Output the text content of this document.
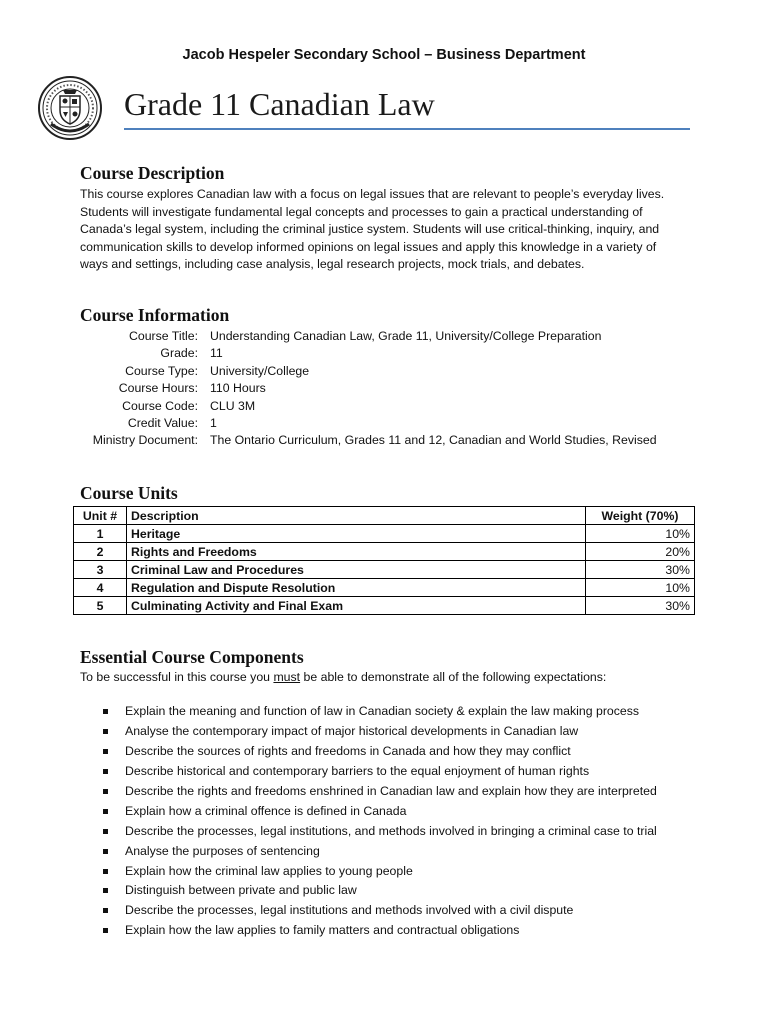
Jacob Hespeler Secondary School – Business Department
Grade 11 Canadian Law
Course Description

This course explores Canadian law with a focus on legal issues that are relevant to people’s everyday lives. Students will investigate fundamental legal concepts and processes to gain a practical understanding of Canada’s legal system, including the criminal justice system. Students will use critical-thinking, inquiry, and communication skills to develop informed opinions on legal issues and apply this knowledge in a variety of ways and settings, including case analysis, legal research projects, mock trials, and debates.

Course Information
Course Title: Understanding Canadian Law, Grade 11, University/College Preparation
Grade: 11
Course Type: University/College
Course Hours: 110 Hours
Course Code: CLU 3M
Credit Value: 1
Ministry Document: The Ontario Curriculum, Grades 11 and 12, Canadian and World Studies, Revised
Course Units
Unit #	Description	Weight (70%)
1	Heritage	10%
2	Rights and Freedoms	20%
3	Criminal Law and Procedures	30%
4	Regulation and Dispute Resolution	10%
5	Culminating Activity and Final Exam	30%
Essential Course Components
To be successful in this course you must be able to demonstrate all of the following expectations:
Explain the meaning and function of law in Canadian society & explain the law making process
Analyse the contemporary impact of major historical developments in Canadian law
Describe the sources of rights and freedoms in Canada and how they may conflict
Describe historical and contemporary barriers to the equal enjoyment of human rights
Describe the rights and freedoms enshrined in Canadian law and explain how they are interpreted
Explain how a criminal offence is defined in Canada
Describe the processes, legal institutions, and methods involved in bringing a criminal case to trial
Analyse the purposes of sentencing
Explain how the criminal law applies to young people
Distinguish between private and public law
Describe the processes, legal institutions and methods involved with a civil dispute
Explain how the law applies to family matters and contractual obligations
